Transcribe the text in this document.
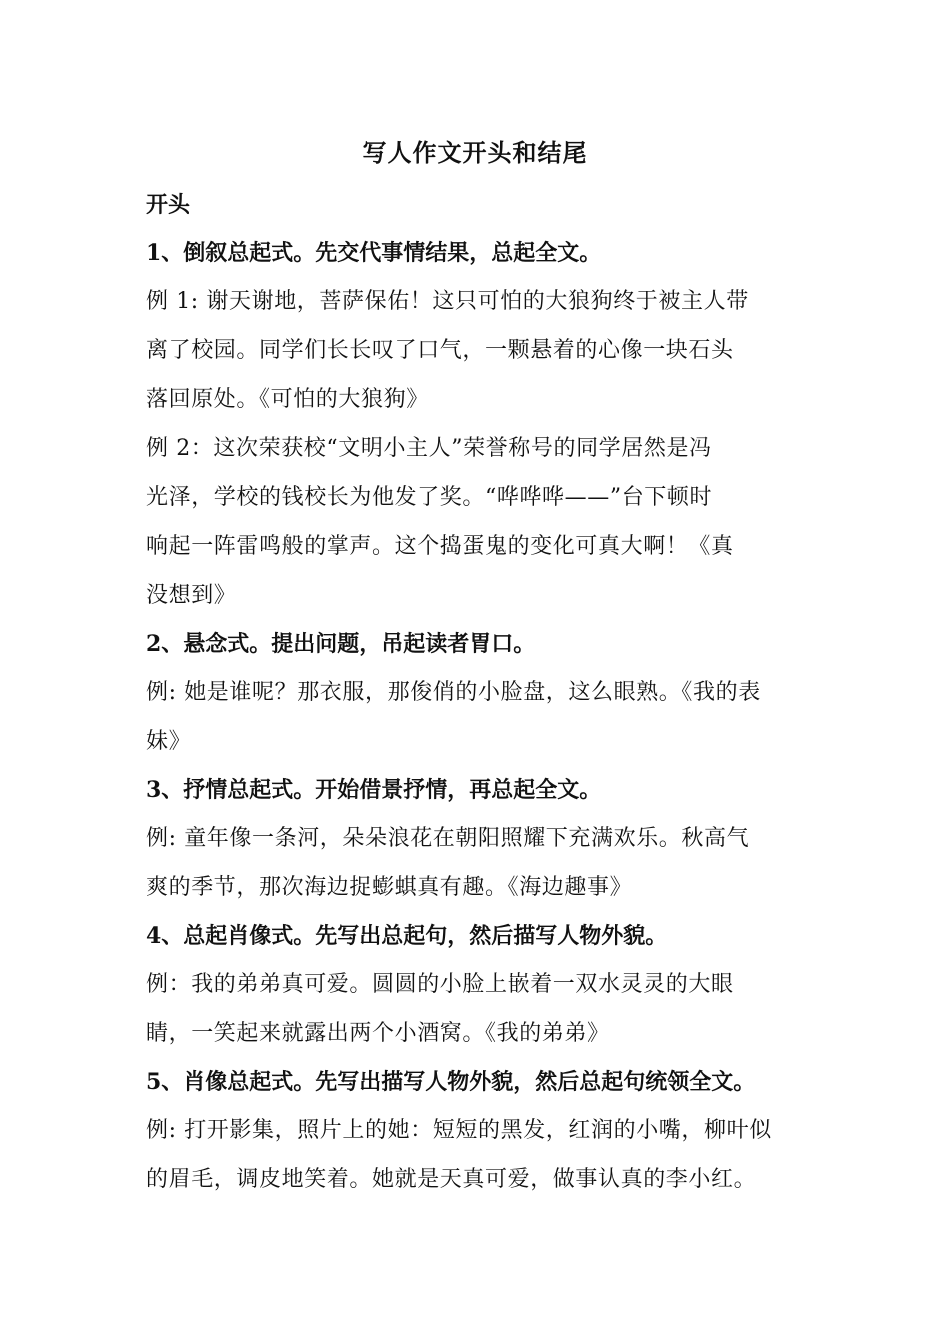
写人作文开头和结尾

开头

1、倒叙总起式。先交代事情结果，总起全文。

例 1: 谢天谢地，菩萨保佑！这只可怕的大狼狗终于被主人带
离了校园。同学们长长叹了口气，一颗悬着的心像一块石头
落回原处。《可怕的大狼狗》

例 2：这次荣获校“文明小主人”荣誉称号的同学居然是冯
光泽，学校的钱校长为他发了奖。“哗哗哗——”台下顿时
响起一阵雷鸣般的掌声。这个捣蛋鬼的变化可真大啊！《真
没想到》

2、悬念式。提出问题，吊起读者胃口。

例: 她是谁呢？那衣服，那俊俏的小脸盘，这么眼熟。《我的表
妹》

3、抒情总起式。开始借景抒情，再总起全文。

例: 童年像一条河，朵朵浪花在朝阳照耀下充满欢乐。秋高气
爽的季节，那次海边捉蟛蜞真有趣。《海边趣事》

4、总起肖像式。先写出总起句，然后描写人物外貌。

例：我的弟弟真可爱。圆圆的小脸上嵌着一双水灵灵的大眼
睛，一笑起来就露出两个小酒窝。《我的弟弟》

5、肖像总起式。先写出描写人物外貌，然后总起句统领全文。

例: 打开影集，照片上的她：短短的黑发，红润的小嘴，柳叶似
的眉毛，调皮地笑着。她就是天真可爱，做事认真的李小红。
